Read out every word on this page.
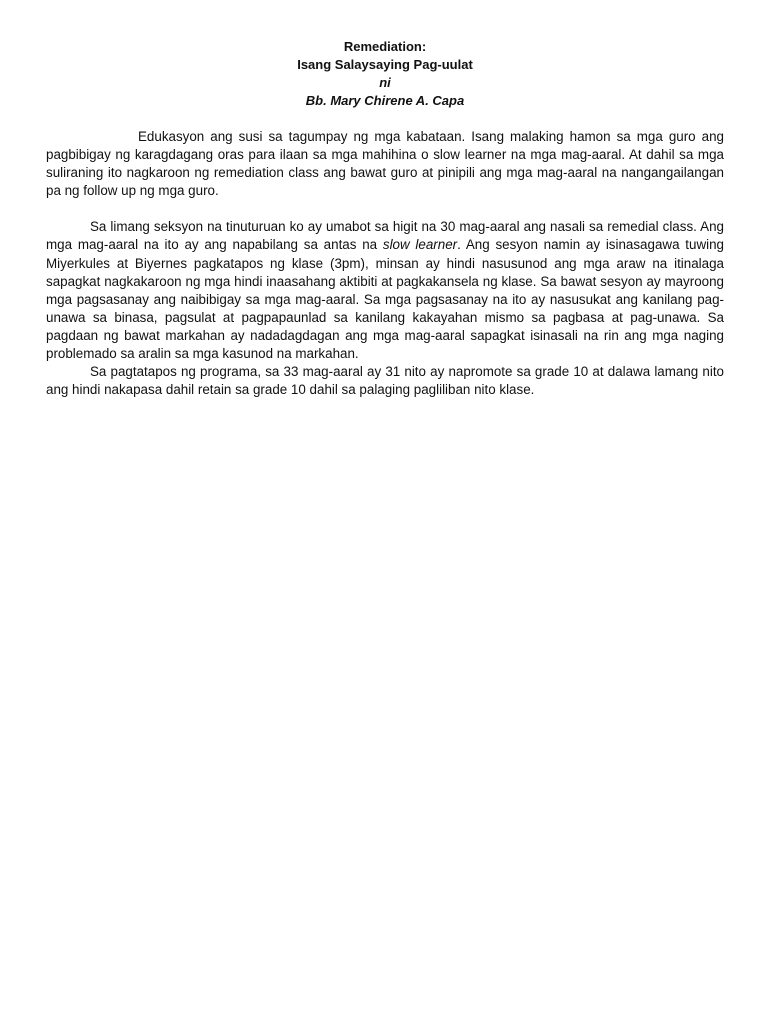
Remediation:
Isang Salaysaying Pag-uulat
ni
Bb. Mary Chirene A. Capa

Edukasyon ang susi sa tagumpay ng mga kabataan. Isang malaking hamon sa mga guro ang pagbibigay ng karagdagang oras para ilaan sa mga mahihina o slow learner na mga mag-aaral. At dahil sa mga suliraning ito nagkaroon ng remediation class ang bawat guro at pinipili ang mga mag-aaral na nangangailangan pa ng follow up ng mga guro.

Sa limang seksyon na tinuturuan ko ay umabot sa higit na 30 mag-aaral ang nasali sa remedial class. Ang mga mag-aaral na ito ay ang napabilang sa antas na slow learner. Ang sesyon namin ay isinasagawa tuwing Miyerkules at Biyernes pagkatapos ng klase (3pm), minsan ay hindi nasusunod ang mga araw na itinalaga sapagkat nagkakaroon ng mga hindi inaasahang aktibiti at pagkakansela ng klase. Sa bawat sesyon ay mayroong mga pagsasanay ang naibibigay sa mga mag-aaral. Sa mga pagsasanay na ito ay nasusukat ang kanilang pag-unawa sa binasa, pagsulat at pagpapaunlad sa kanilang kakayahan mismo sa pagbasa at pag-unawa. Sa pagdaan ng bawat markahan ay nadadagdagan ang mga mag-aaral sapagkat isinasali na rin ang mga naging problemado sa aralin sa mga kasunod na markahan.

Sa pagtatapos ng programa, sa 33 mag-aaral ay 31 nito ay napromote sa grade 10 at dalawa lamang nito ang hindi nakapasa dahil retain sa grade 10 dahil sa palaging pagliliban nito klase.
